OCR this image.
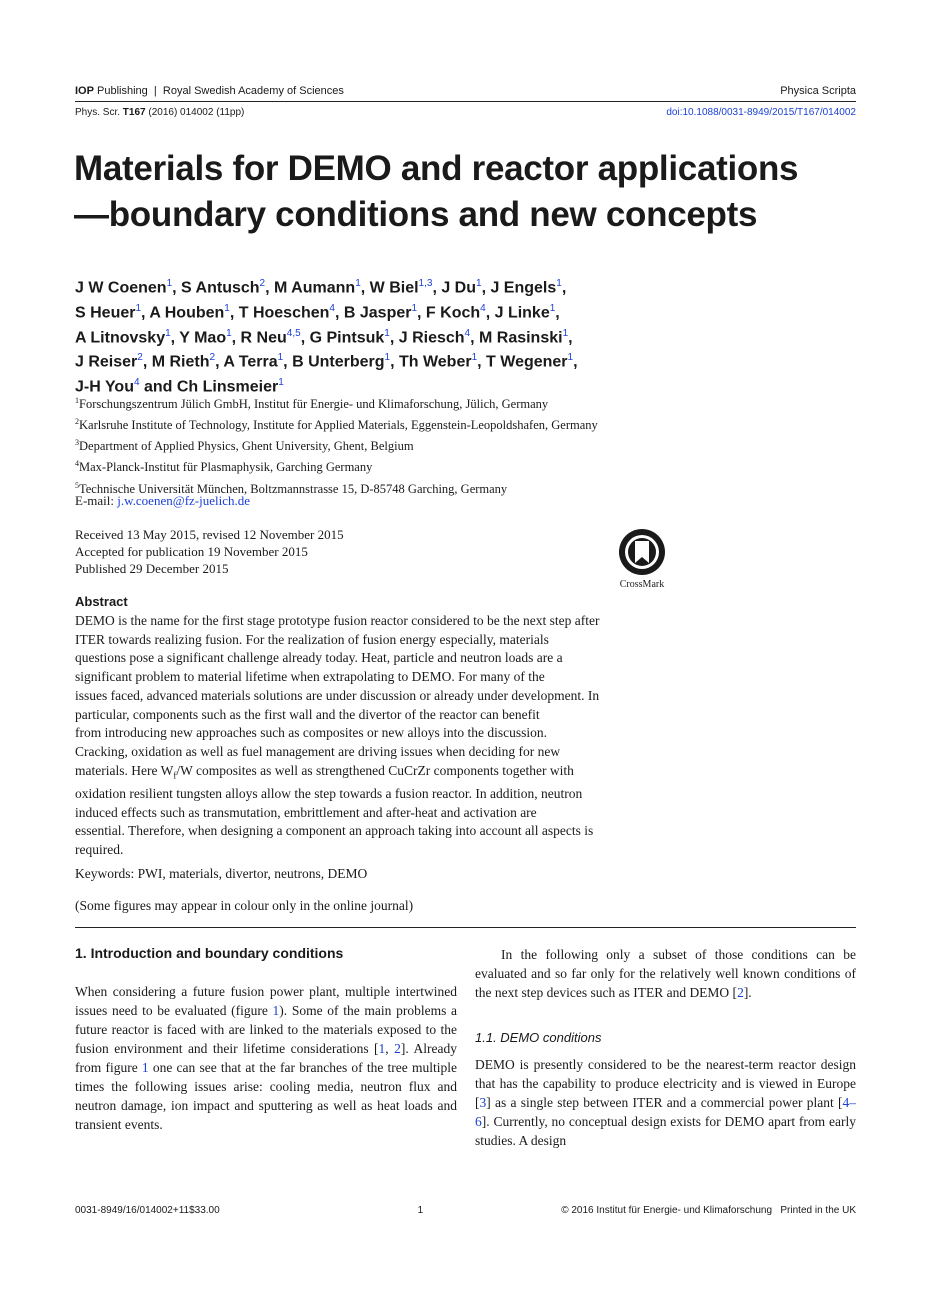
IOP Publishing  |  Royal Swedish Academy of Sciences	Physica Scripta
Phys. Scr. T167 (2016) 014002 (11pp)	doi:10.1088/0031-8949/2015/T167/014002
Materials for DEMO and reactor applications
—boundary conditions and new concepts
J W Coenen$^1$, S Antusch$^2$, M Aumann$^1$, W Biel$^{1,3}$, J Du$^1$, J Engels$^1$,
S Heuer$^1$, A Houben$^1$, T Hoeschen$^4$, B Jasper$^1$, F Koch$^4$, J Linke$^1$,
A Litnovsky$^1$, Y Mao$^1$, R Neu$^{4,5}$, G Pintsuk$^1$, J Riesch$^4$, M Rasinski$^1$,
J Reiser$^2$, M Rieth$^2$, A Terra$^1$, B Unterberg$^1$, Th Weber$^1$, T Wegener$^1$,
J-H You$^4$ and Ch Linsmeier$^1$
$^1$Forschungszentrum Jülich GmbH, Institut für Energie- und Klimaforschung, Jülich, Germany
$^2$Karlsruhe Institute of Technology, Institute for Applied Materials, Eggenstein-Leopoldshafen, Germany
$^3$Department of Applied Physics, Ghent University, Ghent, Belgium
$^4$Max-Planck-Institut für Plasmaphysik, Garching Germany
$^5$Technische Universität München, Boltzmannstrasse 15, D-85748 Garching, Germany
E-mail: j.w.coenen@fz-juelich.de
Received 13 May 2015, revised 12 November 2015
Accepted for publication 19 November 2015
Published 29 December 2015
CrossMark
Abstract
DEMO is the name for the first stage prototype fusion reactor considered to be the next step after
ITER towards realizing fusion. For the realization of fusion energy especially, materials
questions pose a significant challenge already today. Heat, particle and neutron loads are a
significant problem to material lifetime when extrapolating to DEMO. For many of the
issues faced, advanced materials solutions are under discussion or already under development. In
particular, components such as the first wall and the divertor of the reactor can benefit
from introducing new approaches such as composites or new alloys into the discussion.
Cracking, oxidation as well as fuel management are driving issues when deciding for new
materials. Here $W_f/W$ composites as well as strengthened CuCrZr components together with
oxidation resilient tungsten alloys allow the step towards a fusion reactor. In addition, neutron
induced effects such as transmutation, embrittlement and after-heat and activation are
essential. Therefore, when designing a component an approach taking into account all aspects is
required.
Keywords: PWI, materials, divertor, neutrons, DEMO
(Some figures may appear in colour only in the online journal)
1. Introduction and boundary conditions
When considering a future fusion power plant, multiple intertwined issues need to be evaluated (figure 1). Some of the main problems a future reactor is faced with are linked to the materials exposed to the fusion environment and their lifetime considerations [1, 2]. Already from figure 1 one can see that at the far branches of the tree multiple times the following issues arise: cooling media, neutron flux and neutron damage, ion impact and sputtering as well as heat loads and transient events.
In the following only a subset of those conditions can be evaluated and so far only for the relatively well known conditions of the next step devices such as ITER and DEMO [2].
1.1. DEMO conditions
DEMO is presently considered to be the nearest-term reactor design that has the capability to produce electricity and is viewed in Europe [3] as a single step between ITER and a commercial power plant [4–6]. Currently, no conceptual design exists for DEMO apart from early studies. A design
0031-8949/16/014002+11$33.00	1	© 2016 Institut für Energie- und Klimaforschung Printed in the UK
